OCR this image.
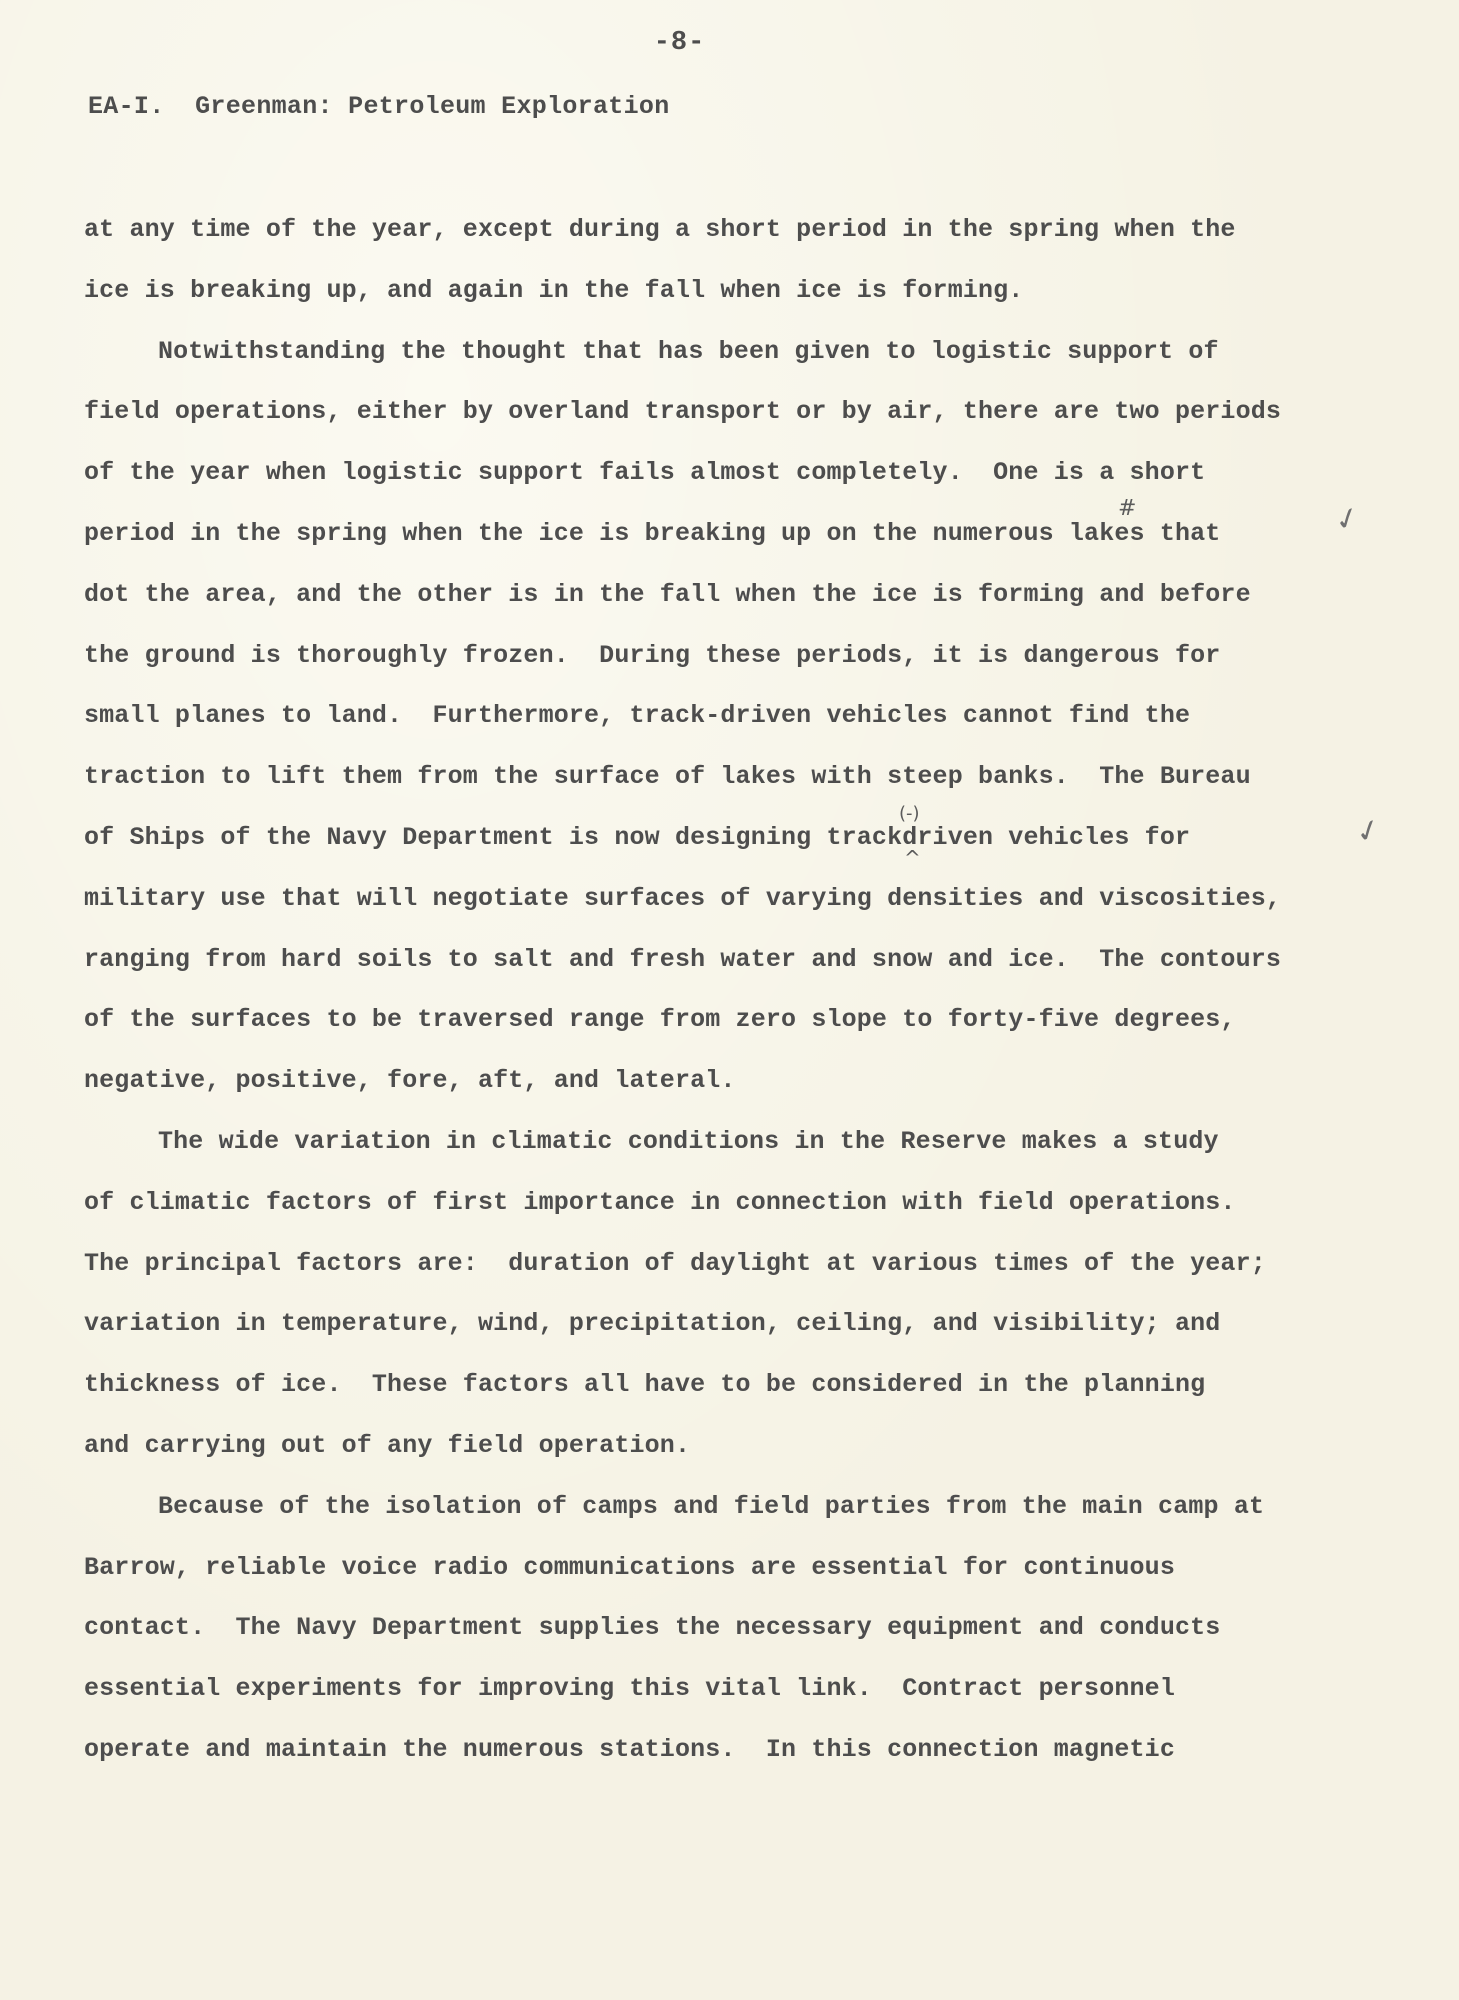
-8-
EA-I.  Greenman: Petroleum Exploration
at any time of the year, except during a short period in the spring when the
ice is breaking up, and again in the fall when ice is forming.
Notwithstanding the thought that has been given to logistic support of
field operations, either by overland transport or by air, there are two periods
of the year when logistic support fails almost completely.  One is a short
period in the spring when the ice is breaking up on the numerous lakes that
dot the area, and the other is in the fall when the ice is forming and before
the ground is thoroughly frozen.  During these periods, it is dangerous for
small planes to land.  Furthermore, track-driven vehicles cannot find the
traction to lift them from the surface of lakes with steep banks.  The Bureau
of Ships of the Navy Department is now designing trackdriven vehicles for
military use that will negotiate surfaces of varying densities and viscosities,
ranging from hard soils to salt and fresh water and snow and ice.  The contours
of the surfaces to be traversed range from zero slope to forty-five degrees,
negative, positive, fore, aft, and lateral.
The wide variation in climatic conditions in the Reserve makes a study
of climatic factors of first importance in connection with field operations.
The principal factors are:  duration of daylight at various times of the year;
variation in temperature, wind, precipitation, ceiling, and visibility; and
thickness of ice.  These factors all have to be considered in the planning
and carrying out of any field operation.
Because of the isolation of camps and field parties from the main camp at
Barrow, reliable voice radio communications are essential for continuous
contact.  The Navy Department supplies the necessary equipment and conducts
essential experiments for improving this vital link.  Contract personnel
operate and maintain the numerous stations.  In this connection magnetic
#
(-)
^
✓
✓
